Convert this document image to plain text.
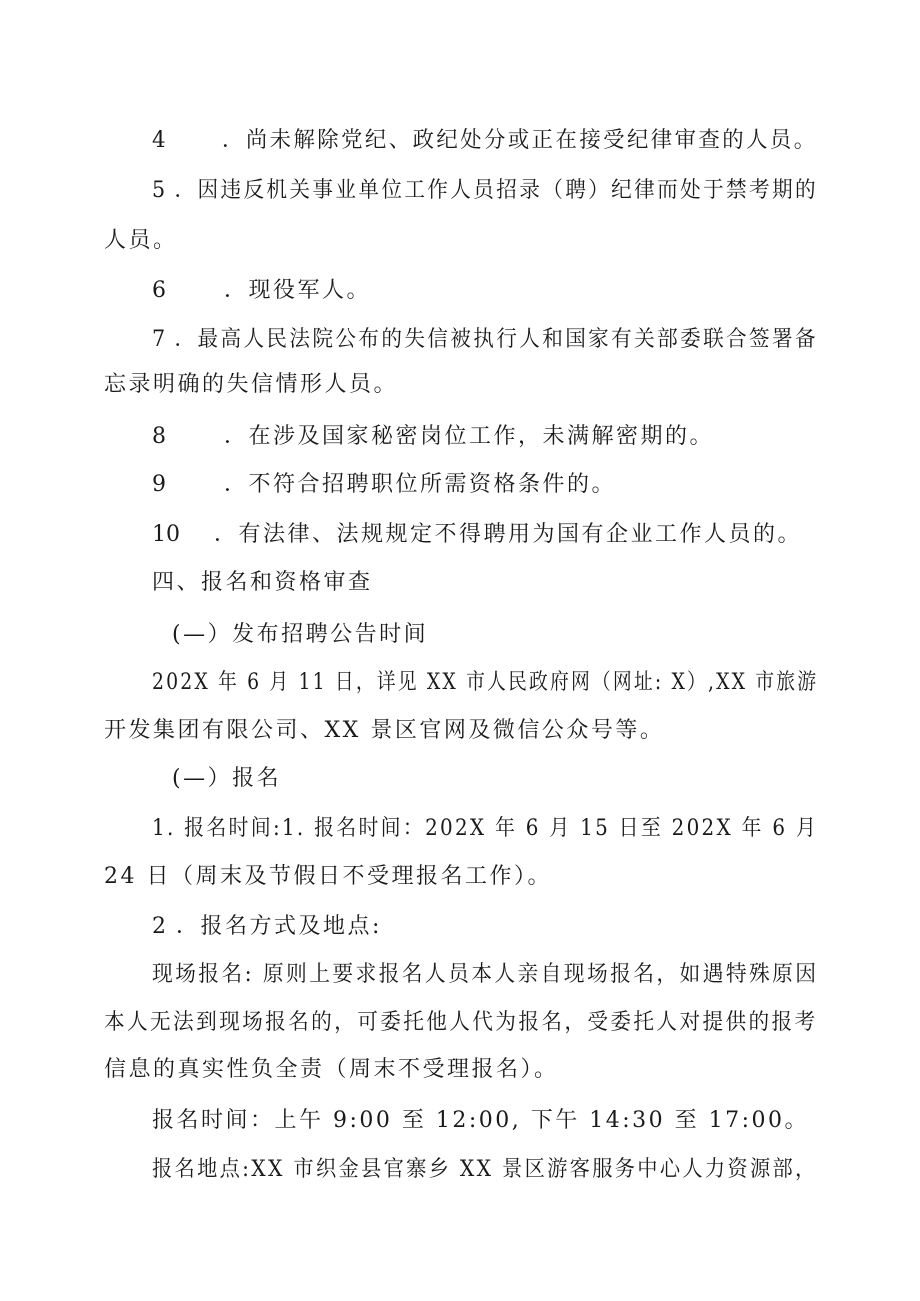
4	．尚未解除党纪、政纪处分或正在接受纪律审查的人员。
5 ．因违反机关事业单位工作人员招录（聘）纪律而处于禁考期的
人员。
6	．现役军人。
7 ．最高人民法院公布的失信被执行人和国家有关部委联合签署备
忘录明确的失信情形人员。
8	．在涉及国家秘密岗位工作，未满解密期的。
9	．不符合招聘职位所需资格条件的。
10 ．有法律、法规规定不得聘用为国有企业工作人员的。
四、报名和资格审查
(—）发布招聘公告时间
202X 年 6 月 11 日，详见 XX 市人民政府网（网址: X）,XX 市旅游
开发集团有限公司、XX 景区官网及微信公众号等。
(—）报名
1. 报名时间:1. 报名时间：202X 年 6 月 15 日至 202X 年 6 月
24 日（周末及节假日不受理报名工作）。
2 ．报名方式及地点:
现场报名: 原则上要求报名人员本人亲自现场报名，如遇特殊原因
本人无法到现场报名的，可委托他人代为报名，受委托人对提供的报考
信息的真实性负全责（周末不受理报名）。
报名时间：上午 9:00 至 12:00, 下午 14:30 至 17:00。
报名地点:XX 市织金县官寨乡 XX 景区游客服务中心人力资源部，
